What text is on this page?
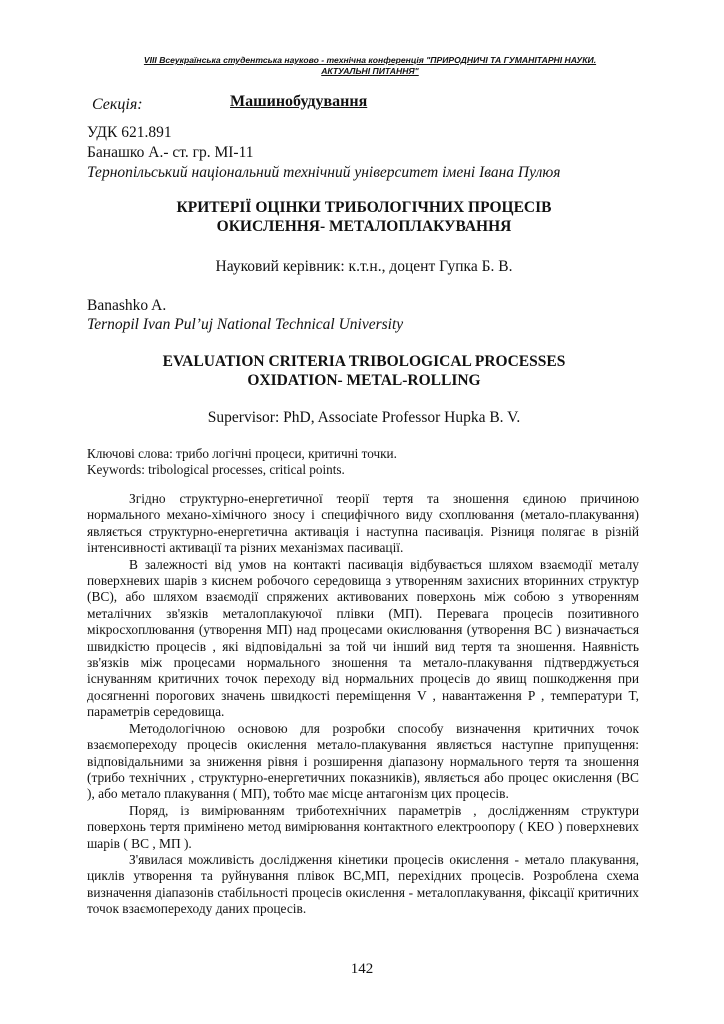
VIII Всеукраїнська студентська науково - технічна конференція "ПРИРОДНИЧІ ТА ГУМАНІТАРНІ НАУКИ.
АКТУАЛЬНІ ПИТАННЯ"
Секція:	Машинобудування
УДК 621.891
Банашко А.- ст. гр. МІ-11
Тернопільський національний технічний університет імені Івана Пулюя
КРИТЕРІЇ ОЦІНКИ ТРИБОЛОГІЧНИХ ПРОЦЕСІВ
ОКИСЛЕННЯ- МЕТАЛОПЛАКУВАННЯ
Науковий керівник: к.т.н., доцент Гупка Б. В.
Banashko A.
Ternopil Ivan Pul’uj National Technical University
EVALUATION CRITERIA TRIBOLOGICAL PROCESSES
OXIDATION- METAL-ROLLING
Supervisor: PhD, Associate Professor Hupka B. V.
Ключові слова: трибо логічні процеси, критичні точки.
Keywords: tribological processes, critical points.

Згідно структурно-енергетичної теорії тертя та зношення єдиною причиною нормального механо-хімічного зносу і специфічного виду схоплювання (метало-плакування) являється структурно-енергетична активація і наступна пасивація. Різниця полягає в різній інтенсивності активації та різних механізмах пасивації.

В залежності від умов на контакті пасивація відбувається шляхом взаємодії металу поверхневих шарів з киснем робочого середовища з утворенням захисних вторинних структур (ВС), або шляхом взаємодії спряжених активованих поверхонь між собою з утворенням металічних зв'язків металоплакуючої плівки (МП). Перевага процесів позитивного мікросхоплювання (утворення МП) над процесами окислювання (утворення ВС ) визначається швидкістю процесів , які відповідальні за той чи інший вид тертя та зношення. Наявність зв'язків між процесами нормального зношення та метало-плакування підтверджується існуванням критичних точок переходу від нормальних процесів до явищ пошкодження при досягненні порогових значень швидкості переміщення V , навантаження P , температури T, параметрів середовища.

Методологічною основою для розробки способу визначення критичних точок взаємопереходу процесів окислення метало-плакування являється наступне припущення: відповідальними за зниження рівня і розширення діапазону нормального тертя та зношення (трибо технічних , структурно-енергетичних показників), являється або процес окислення (ВС ), або метало плакування ( МП), тобто має місце антагонізм цих процесів.

Поряд, із вимірюванням триботехнічних параметрів , дослідженням структури поверхонь тертя примінено метод вимірювання контактного електроопору ( КЕО ) поверхневих шарів ( ВС , МП ).

З'явилася можливість дослідження кінетики процесів окислення - метало плакування, циклів утворення та руйнування плівок ВС,МП, перехідних процесів. Розроблена схема визначення діапазонів стабільності процесів окислення - металоплакування, фіксації критичних точок взаємопереходу даних процесів.

142
